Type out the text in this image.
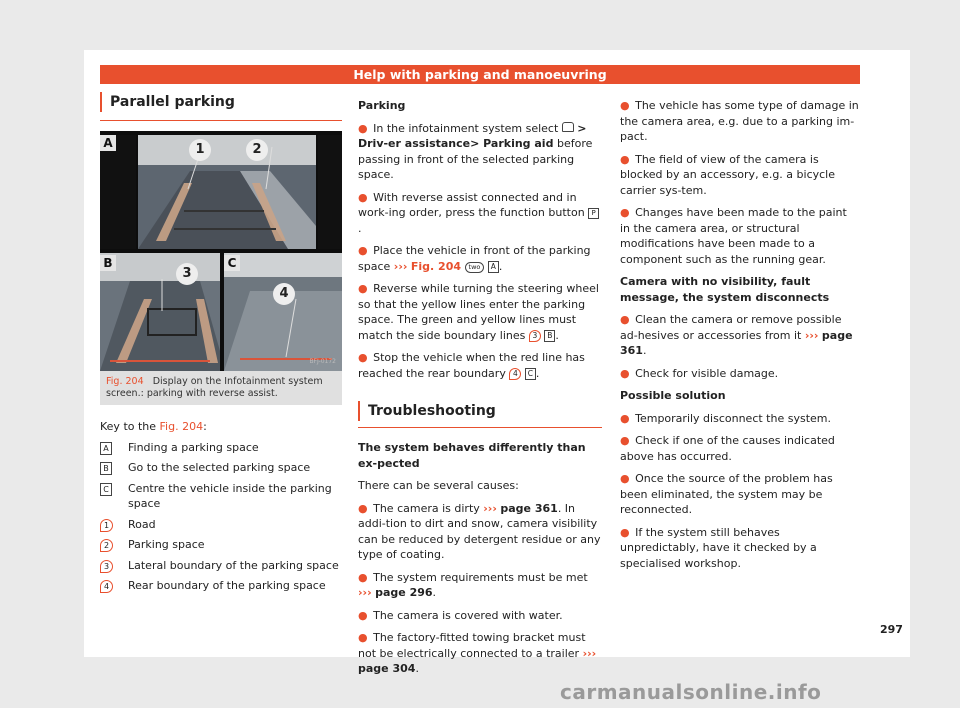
Help with parking and manoeuvring
Parallel parking
A
B	C
1	2
3
4
BFJ-0172
Fig. 204 Display on the Infotainment system screen.: parking with reverse assist.
Key to the Fig. 204:
A Finding a parking space
B Go to the selected parking space
C Centre the vehicle inside the parking space
1	Road
2	Parking space
3	Lateral boundary of the parking space
4	Rear boundary of the parking space

Parking

● In the infotainment system select > Driv-er assistance> Parking aid before passing in front of the selected parking space.

● With reverse assist connected and in work-ing order, press the function button P.

● Place the vehicle in front of the parking space ››› Fig. 204 two A .

● Reverse while turning the steering wheel so that the yellow lines enter the parking space. The green and yellow lines must match the side boundary lines 3 B .

● Stop the vehicle when the red line has reached the rear boundary 4 C .

Troubleshooting

The system behaves differently than ex-pected

There can be several causes:

● The camera is dirty ››› page 361. In addi-tion to dirt and snow, camera visibility can be reduced by detergent residue or any type of coating.

● The system requirements must be met ››› page 296.

● The camera is covered with water.

● The factory-fitted towing bracket must not be electrically connected to a trailer ››› page 304.

● The vehicle has some type of damage in the camera area, e.g. due to a parking im-pact.

● The field of view of the camera is blocked by an accessory, e.g. a bicycle carrier sys-tem.

● Changes have been made to the paint in the camera area, or structural modifications have been made to a component such as the running gear.

Camera with no visibility, fault message, the system disconnects

● Clean the camera or remove possible ad-hesives or accessories from it ››› page 361.

● Check for visible damage.

Possible solution

● Temporarily disconnect the system.

● Check if one of the causes indicated above has occurred.

● Once the source of the problem has been eliminated, the system may be reconnected.

● If the system still behaves unpredictably, have it checked by a specialised workshop.

297
carmanualsonline.info
